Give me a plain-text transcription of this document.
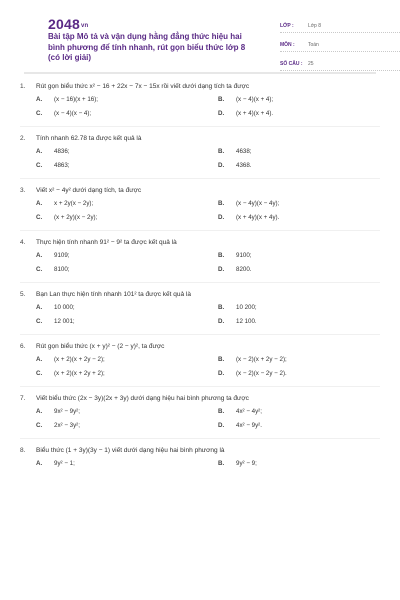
2048vn
Bài tập Mô tả và vận dụng hằng đẳng thức hiệu hai bình phương để tính nhanh, rút gọn biểu thức lớp 8 (có lời giải)
LỚP :	Lớp 8
MÔN :	Toán
SỐ CÂU :	25
1.	Rút gọn biểu thức x² − 16 + 22x − 7x − 15x rồi viết dưới dạng tích ta được
A. (x − 16)(x + 16);	B. (x − 4)(x + 4);
C. (x − 4)(x − 4);	D. (x + 4)(x + 4).
2.	Tính nhanh 62.78 ta được kết quả là
A. 4836;	B. 4638;
C. 4863;	D. 4368.
3.	Viết x² − 4y² dưới dạng tích, ta được
A. x + 2y(x − 2y);	B. (x − 4y)(x − 4y);
C. (x + 2y)(x − 2y);	D. (x + 4y)(x + 4y).
4.	Thực hiện tính nhanh 91² − 9² ta được kết quả là
A. 9109;	B. 9100;
C. 8100;	D. 8200.
5.	Bạn Lan thực hiện tính nhanh 101² ta được kết quả là
A. 10 000;	B. 10 200;
C. 12 001;	D. 12 100.
6.	Rút gọn biểu thức (x + y)² − (2 − y)², ta được
A. (x + 2)(x + 2y − 2);	B. (x − 2)(x + 2y − 2);
C. (x + 2)(x + 2y + 2);	D. (x − 2)(x − 2y − 2).
7.	Viết biểu thức (2x − 3y)(2x + 3y) dưới dạng hiệu hai bình phương ta được
A. 9x² − 9y²;	B. 4x² − 4y²;
C. 2x² − 3y²;	D. 4x² − 9y².
8.	Biểu thức (1 + 3y)(3y − 1) viết dưới dạng hiệu hai bình phương là
A. 9y² − 1;	B. 9y² − 9;
